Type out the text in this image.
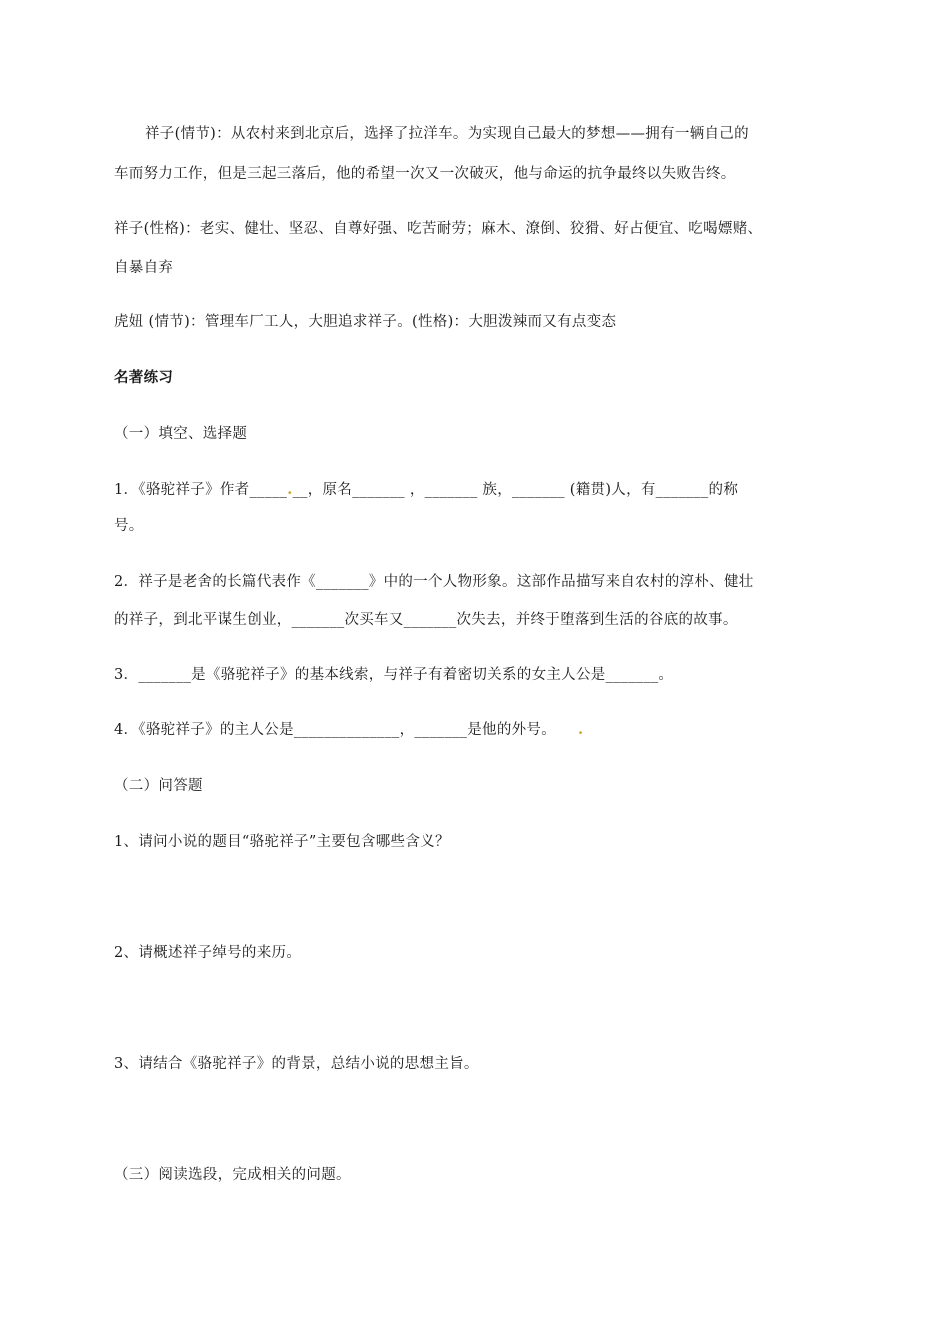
祥子(情节)：从农村来到北京后，选择了拉洋车。为实现自己最大的梦想——拥有一辆自己的
车而努力工作，但是三起三落后，他的希望一次又一次破灭，他与命运的抗争最终以失败告终。
祥子(性格)：老实、健壮、坚忍、自尊好强、吃苦耐劳；麻木、潦倒、狡猾、好占便宜、吃喝嫖赌、
自暴自弃
虎妞 (情节)：管理车厂工人，大胆追求祥子。(性格)：大胆泼辣而又有点变态
名著练习
（一）填空、选择题
1．《骆驼祥子》作者_____.__，原名_______ ，_______ 族，_______ (籍贯)人，有_______的称
号。
2．祥子是老舍的长篇代表作《_______》中的一个人物形象。这部作品描写来自农村的淳朴、健壮
的祥子，到北平谋生创业，_______次买车又_______次失去，并终于堕落到生活的谷底的故事。
3．_______是《骆驼祥子》的基本线索，与祥子有着密切关系的女主人公是_______。
4．《骆驼祥子》的主人公是______________，_______是他的外号。 .
（二）问答题
1、请问小说的题目“骆驼祥子”主要包含哪些含义？
2、请概述祥子绰号的来历。
3、请结合《骆驼祥子》的背景，总结小说的思想主旨。
（三）阅读选段，完成相关的问题。
